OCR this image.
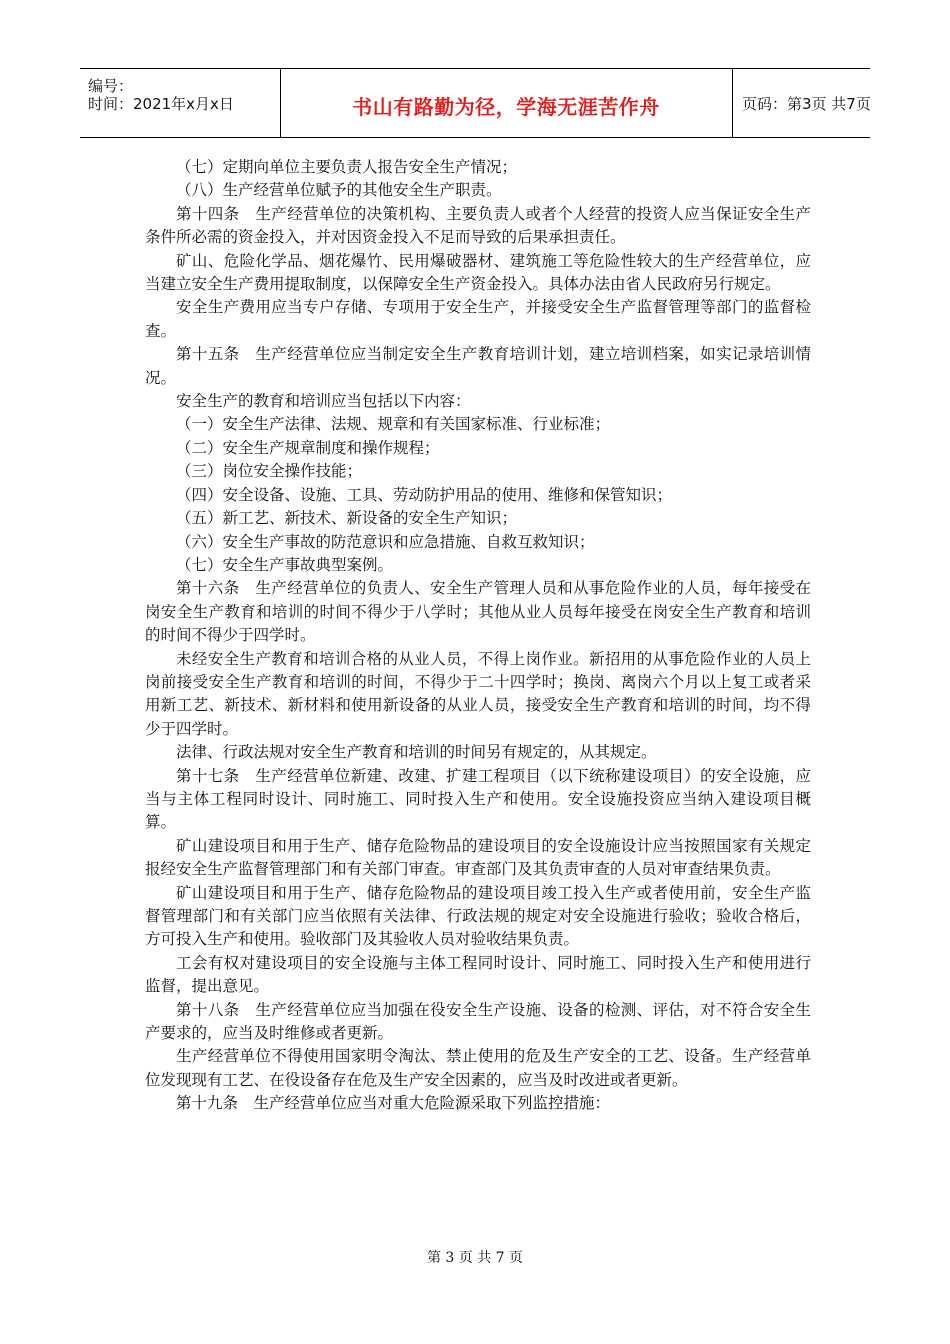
编号：
时间：2021年x月x日	书山有路勤为径，学海无涯苦作舟	页码：第3页 共7页

（七）定期向单位主要负责人报告安全生产情况；

（八）生产经营单位赋予的其他安全生产职责。

第十四条　生产经营单位的决策机构、主要负责人或者个人经营的投资人应当保证安全生产条件所必需的资金投入，并对因资金投入不足而导致的后果承担责任。

矿山、危险化学品、烟花爆竹、民用爆破器材、建筑施工等危险性较大的生产经营单位，应当建立安全生产费用提取制度，以保障安全生产资金投入。具体办法由省人民政府另行规定。

安全生产费用应当专户存储、专项用于安全生产，并接受安全生产监督管理等部门的监督检查。

第十五条　生产经营单位应当制定安全生产教育培训计划，建立培训档案，如实记录培训情况。

安全生产的教育和培训应当包括以下内容：

（一）安全生产法律、法规、规章和有关国家标准、行业标准；

（二）安全生产规章制度和操作规程；

（三）岗位安全操作技能；

（四）安全设备、设施、工具、劳动防护用品的使用、维修和保管知识；

（五）新工艺、新技术、新设备的安全生产知识；

（六）安全生产事故的防范意识和应急措施、自救互救知识；

（七）安全生产事故典型案例。

第十六条　生产经营单位的负责人、安全生产管理人员和从事危险作业的人员，每年接受在岗安全生产教育和培训的时间不得少于八学时；其他从业人员每年接受在岗安全生产教育和培训的时间不得少于四学时。

未经安全生产教育和培训合格的从业人员，不得上岗作业。新招用的从事危险作业的人员上岗前接受安全生产教育和培训的时间，不得少于二十四学时；换岗、离岗六个月以上复工或者采用新工艺、新技术、新材料和使用新设备的从业人员，接受安全生产教育和培训的时间，均不得少于四学时。

法律、行政法规对安全生产教育和培训的时间另有规定的，从其规定。

第十七条　生产经营单位新建、改建、扩建工程项目（以下统称建设项目）的安全设施，应当与主体工程同时设计、同时施工、同时投入生产和使用。安全设施投资应当纳入建设项目概算。

矿山建设项目和用于生产、储存危险物品的建设项目的安全设施设计应当按照国家有关规定报经安全生产监督管理部门和有关部门审查。审查部门及其负责审查的人员对审查结果负责。

矿山建设项目和用于生产、储存危险物品的建设项目竣工投入生产或者使用前，安全生产监督管理部门和有关部门应当依照有关法律、行政法规的规定对安全设施进行验收；验收合格后，方可投入生产和使用。验收部门及其验收人员对验收结果负责。

工会有权对建设项目的安全设施与主体工程同时设计、同时施工、同时投入生产和使用进行监督，提出意见。

第十八条　生产经营单位应当加强在役安全生产设施、设备的检测、评估，对不符合安全生产要求的，应当及时维修或者更新。

生产经营单位不得使用国家明令淘汰、禁止使用的危及生产安全的工艺、设备。生产经营单位发现现有工艺、在役设备存在危及生产安全因素的，应当及时改进或者更新。

第十九条　生产经营单位应当对重大危险源采取下列监控措施：

第 3 页 共 7 页
